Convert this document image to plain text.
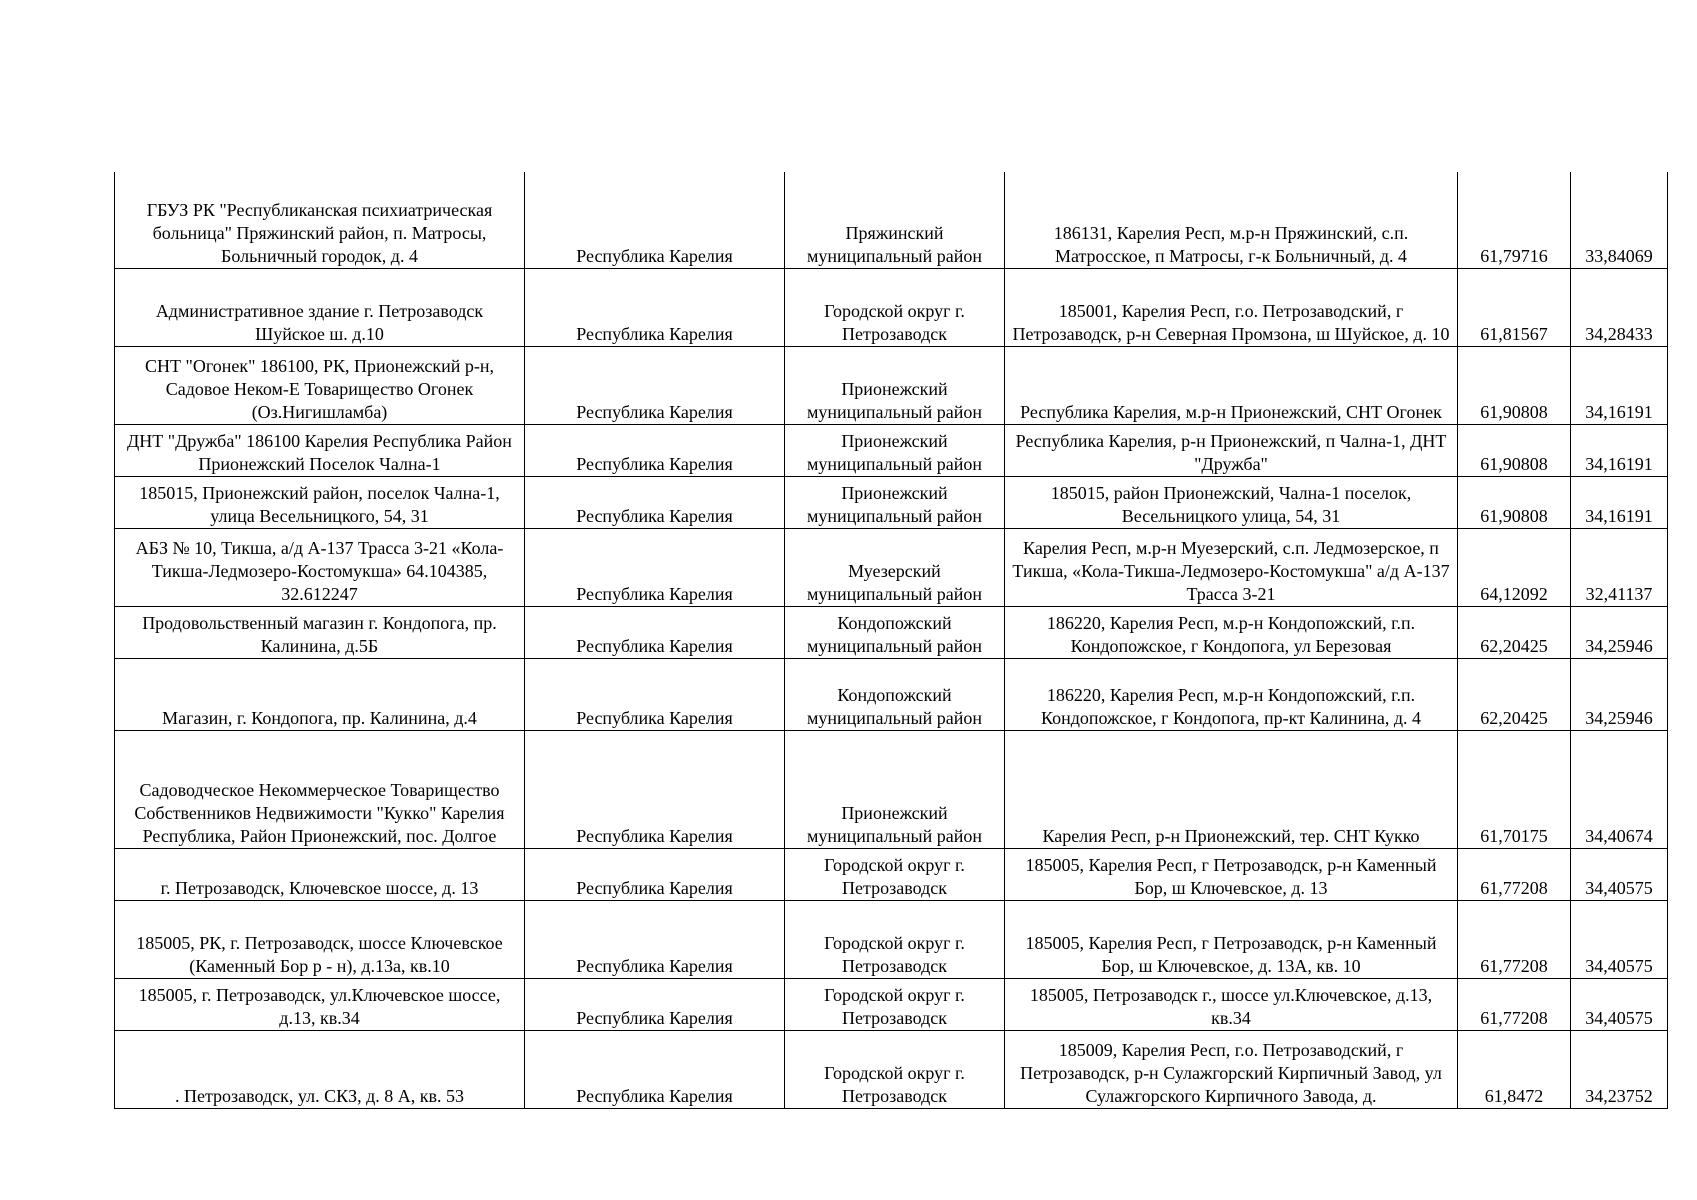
ГБУЗ РК "Республиканская психиатрическая больница" Пряжинский район, п. Матросы, Больничный городок, д. 4	Республика Карелия	Пряжинский муниципальный район	186131, Карелия Респ, м.р-н Пряжинский, с.п. Матросское, п Матросы, г-к Больничный, д. 4	61,79716	33,84069
Административное здание г. Петрозаводск Шуйское ш. д.10	Республика Карелия	Городской округ г. Петрозаводск	185001, Карелия Респ, г.о. Петрозаводский, г Петрозаводск, р-н Северная Промзона, ш Шуйское, д. 10	61,81567	34,28433
СНТ "Огонек" 186100, РК, Прионежский р-н, Садовое Неком-Е Товарищество Огонек (Оз.Нигишламба)	Республика Карелия	Прионежский муниципальный район	Республика Карелия, м.р-н Прионежский, СНТ Огонек	61,90808	34,16191
ДНТ "Дружба" 186100 Карелия Республика Район Прионежский Поселок Чална-1	Республика Карелия	Прионежский муниципальный район	Республика Карелия, р-н Прионежский, п Чална-1, ДНТ "Дружба"	61,90808	34,16191
185015, Прионежский район, поселок Чална-1, улица Весельницкого, 54, 31	Республика Карелия	Прионежский муниципальный район	185015, район Прионежский, Чална-1 поселок, Весельницкого улица, 54, 31	61,90808	34,16191
АБЗ № 10, Тикша, а/д А-137 Трасса 3-21 «Кола-Тикша-Ледмозеро-Костомукша» 64.104385, 32.612247	Республика Карелия	Муезерский муниципальный район	Карелия Респ, м.р-н Муезерский, с.п. Ледмозерское, п Тикша, «Кола-Тикша-Ледмозеро-Костомукша" а/д А-137 Трасса 3-21	64,12092	32,41137
Продовольственный магазин г. Кондопога, пр. Калинина, д.5Б	Республика Карелия	Кондопожский муниципальный район	186220, Карелия Респ, м.р-н Кондопожский, г.п. Кондопожское, г Кондопога, ул Березовая	62,20425	34,25946
Магазин, г. Кондопога, пр. Калинина, д.4	Республика Карелия	Кондопожский муниципальный район	186220, Карелия Респ, м.р-н Кондопожский, г.п. Кондопожское, г Кондопога, пр-кт Калинина, д. 4	62,20425	34,25946
Садоводческое Некоммерческое Товарищество Собственников Недвижимости "Кукко" Карелия Республика, Район Прионежский, пос. Долгое	Республика Карелия	Прионежский муниципальный район	Карелия Респ, р-н Прионежский, тер. СНТ Кукко	61,70175	34,40674
г. Петрозаводск, Ключевское шоссе, д. 13	Республика Карелия	Городской округ г. Петрозаводск	185005, Карелия Респ, г Петрозаводск, р-н Каменный Бор, ш Ключевское, д. 13	61,77208	34,40575
185005, РК, г. Петрозаводск, шоссе Ключевское (Каменный Бор р - н), д.13а, кв.10	Республика Карелия	Городской округ г. Петрозаводск	185005, Карелия Респ, г Петрозаводск, р-н Каменный Бор, ш Ключевское, д. 13А, кв. 10	61,77208	34,40575
185005, г. Петрозаводск, ул.Ключевское шоссе, д.13, кв.34	Республика Карелия	Городской округ г. Петрозаводск	185005, Петрозаводск г., шоссе ул.Ключевское, д.13, кв.34	61,77208	34,40575
. Петрозаводск, ул. СКЗ, д. 8 А, кв. 53	Республика Карелия	Городской округ г. Петрозаводск	185009, Карелия Респ, г.о. Петрозаводский, г Петрозаводск, р-н Сулажгорский Кирпичный Завод, ул Сулажгорского Кирпичного Завода, д.	61,8472	34,23752
